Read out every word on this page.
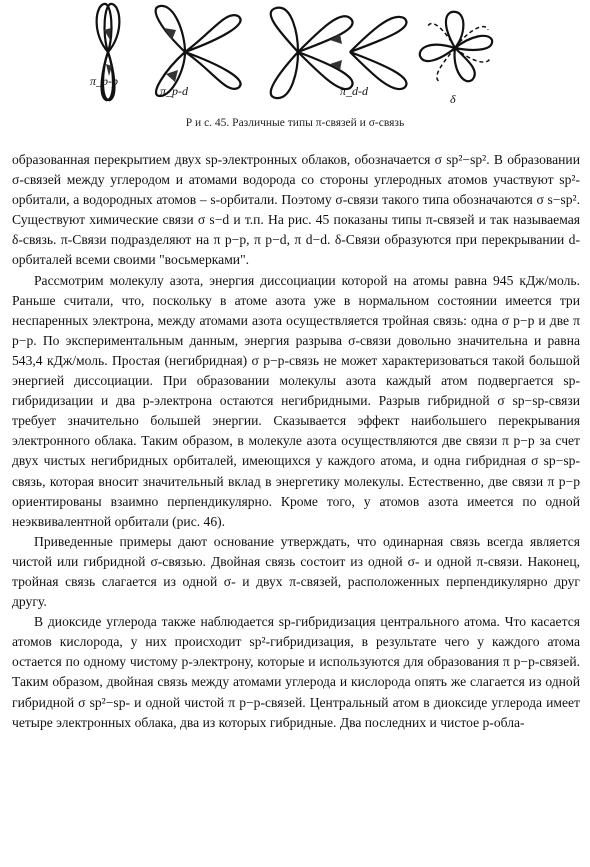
π_p-p
π_p-d	π_d-d
δ
Р и с. 45. Различные типы π-связей и σ-связь

образованная перекрытием двух sp-электронных облаков, обозначается σ sp²−sp². В образовании σ-связей между углеродом и атомами водорода со стороны углеродных атомов участвуют sp²-орбитали, а водородных атомов – s-орбитали. Поэтому σ-связи такого типа обозначаются σ s−sp². Существуют химические связи σ s−d и т.п. На рис. 45 показаны типы π-связей и так называемая δ-связь. π-Связи подразделяют на π p−p, π p−d, π d−d. δ-Связи образуются при перекрывании d-орбиталей всеми своими "восьмерками".

Рассмотрим молекулу азота, энергия диссоциации которой на атомы равна 945 кДж/моль. Раньше считали, что, поскольку в атоме азота уже в нормальном состоянии имеется три неспаренных электрона, между атомами азота осуществляется тройная связь: одна σ p−p и две π p−p. По экспериментальным данным, энергия разрыва σ-связи довольно значительна и равна 543,4 кДж/моль. Простая (негибридная) σ p−p-связь не может характеризоваться такой большой энергией диссоциации. При образовании молекулы азота каждый атом подвергается sp-гибридизации и два p-электрона остаются негибридными. Разрыв гибридной σ sp−sp-связи требует значительно большей энергии. Сказывается эффект наибольшего перекрывания электронного облака. Таким образом, в молекуле азота осуществляются две связи π p−p за счет двух чистых негибридных орбиталей, имеющихся у каждого атома, и одна гибридная σ sp−sp-связь, которая вносит значительный вклад в энергетику молекулы. Естественно, две связи π p−p ориентированы взаимно перпендикулярно. Кроме того, у атомов азота имеется по одной неэквивалентной орбитали (рис. 46).

Приведенные примеры дают основание утверждать, что одинарная связь всегда является чистой или гибридной σ-связью. Двойная связь состоит из одной σ- и одной π-связи. Наконец, тройная связь слагается из одной σ- и двух π-связей, расположенных перпендикулярно друг другу.

В диоксиде углерода также наблюдается sp-гибридизация центрального атома. Что касается атомов кислорода, у них происходит sp²-гибридизация, в результате чего у каждого атома остается по одному чистому p-электрону, которые и используются для образования π p−p-связей. Таким образом, двойная связь между атомами углерода и кислорода опять же слагается из одной гибридной σ sp²−sp- и одной чистой π p−p-связей. Центральный атом в диоксиде углерода имеет четыре электронных облака, два из которых гибридные. Два последних и чистое p-обла-
